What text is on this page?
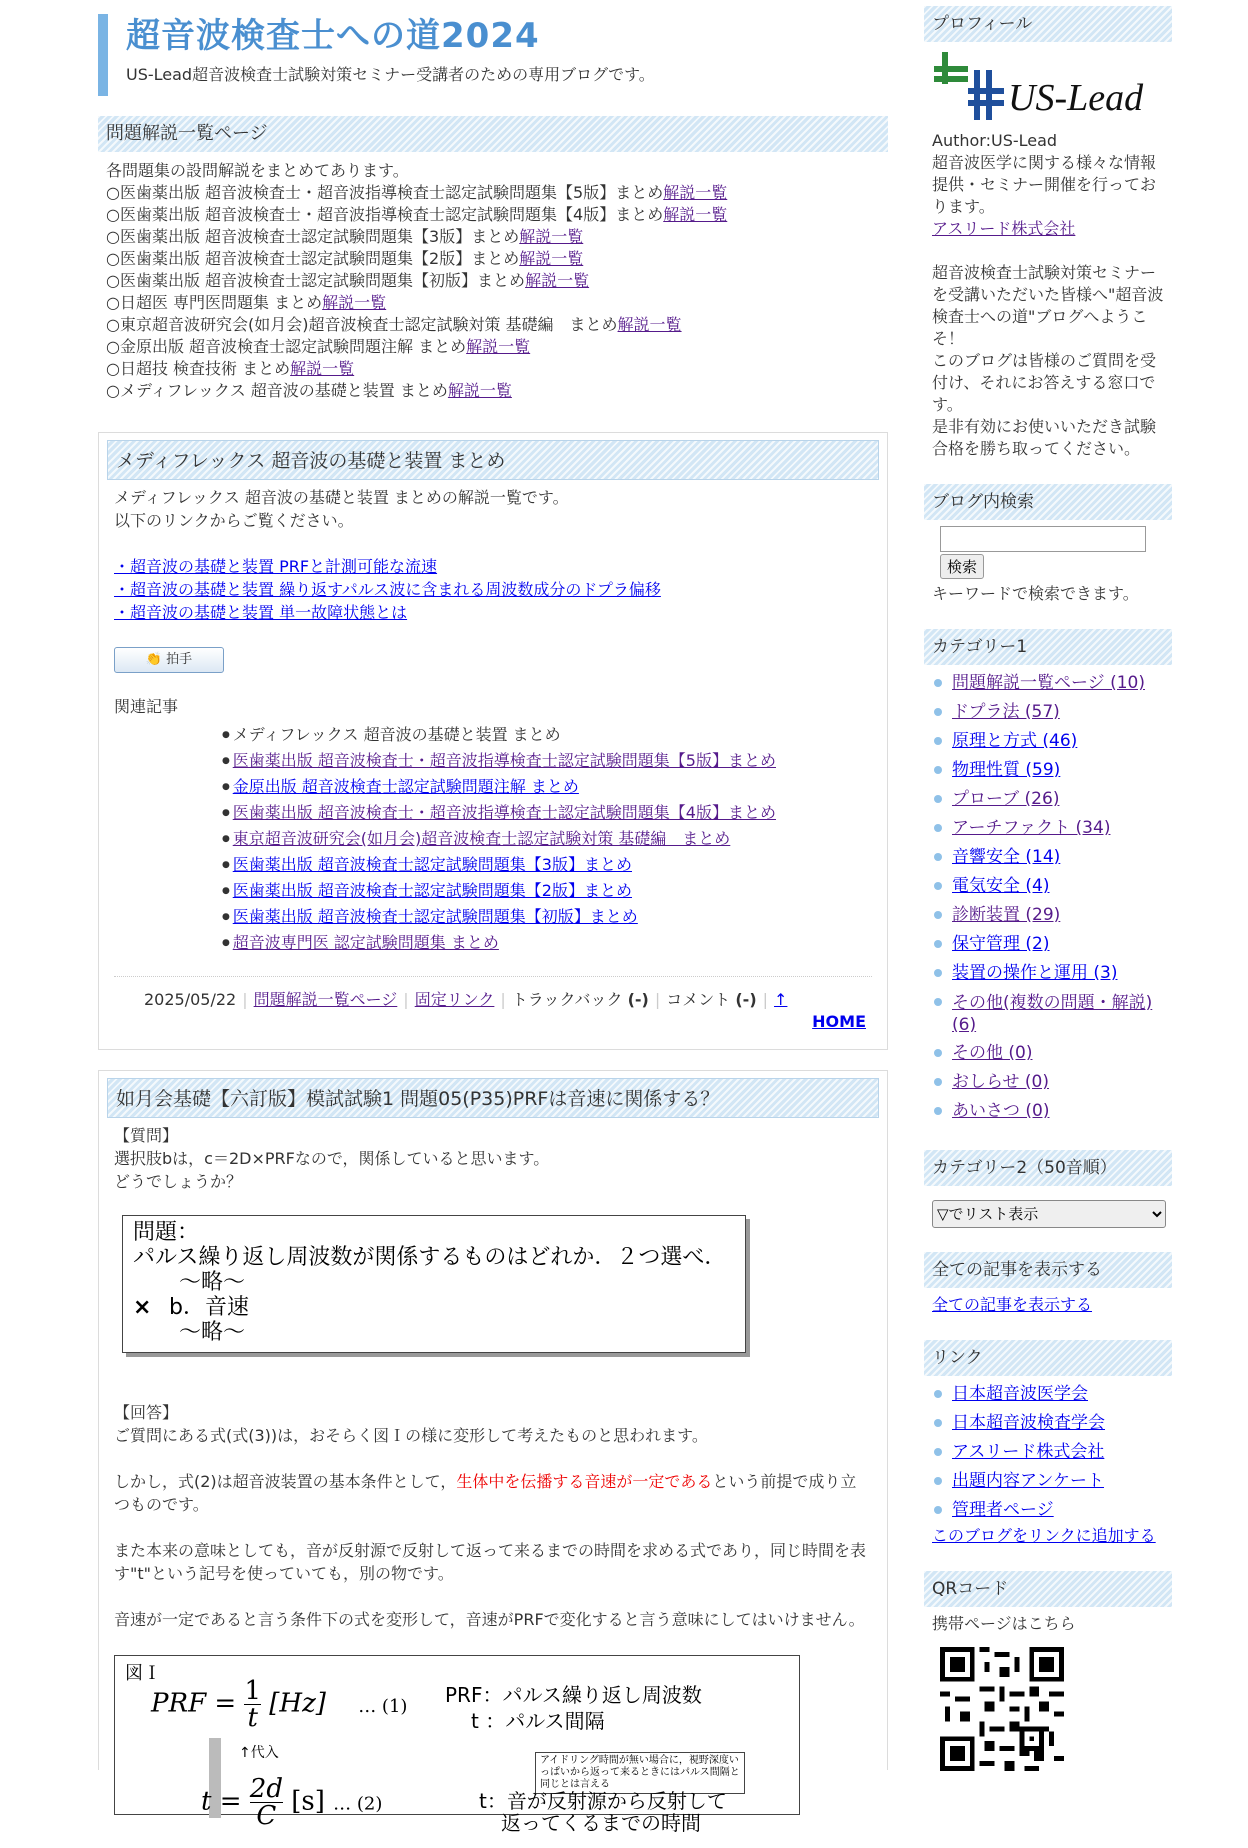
超音波検査士への道2024
US-Lead超音波検査士試験対策セミナー受講者のための専用ブログです。
問題解説一覧ページ
各問題集の設問解説をまとめてあります。
○医歯薬出版 超音波検査士・超音波指導検査士認定試験問題集【5版】まとめ解説一覧
○医歯薬出版 超音波検査士・超音波指導検査士認定試験問題集【4版】まとめ解説一覧
○医歯薬出版 超音波検査士認定試験問題集【3版】まとめ解説一覧
○医歯薬出版 超音波検査士認定試験問題集【2版】まとめ解説一覧
○医歯薬出版 超音波検査士認定試験問題集【初版】まとめ解説一覧
○日超医 専門医問題集 まとめ解説一覧
○東京超音波研究会(如月会)超音波検査士認定試験対策 基礎編　まとめ解説一覧
○金原出版 超音波検査士認定試験問題注解 まとめ解説一覧
○日超技 検査技術 まとめ解説一覧
○メディフレックス 超音波の基礎と装置 まとめ解説一覧
メディフレックス 超音波の基礎と装置 まとめ

メディフレックス 超音波の基礎と装置 まとめの解説一覧です。

以下のリンクからご覧ください。

・超音波の基礎と装置 PRFと計測可能な流速

・超音波の基礎と装置 繰り返すパルス波に含まれる周波数成分のドプラ偏移

・超音波の基礎と装置 単一故障状態とは

👏 拍手
関連記事
● メディフレックス 超音波の基礎と装置 まとめ
● 医歯薬出版 超音波検査士・超音波指導検査士認定試験問題集【5版】まとめ
● 金原出版 超音波検査士認定試験問題注解 まとめ
● 医歯薬出版 超音波検査士・超音波指導検査士認定試験問題集【4版】まとめ
● 東京超音波研究会(如月会)超音波検査士認定試験対策 基礎編　まとめ
● 医歯薬出版 超音波検査士認定試験問題集【3版】まとめ
● 医歯薬出版 超音波検査士認定試験問題集【2版】まとめ
● 医歯薬出版 超音波検査士認定試験問題集【初版】まとめ
● 超音波専門医 認定試験問題集 まとめ
2025/05/22 | 問題解説一覧ページ | 固定リンク | トラックバック (-) | コメント (-) | ↑
HOME
如月会基礎【六訂版】模試試験1 問題05(P35)PRFは音速に関係する？

【質問】

選択肢bは，c＝2D×PRFなので，関係していると思います。

どうでしょうか？

問題：
パルス繰り返し周波数が関係するものはどれか．２つ選べ．
〜略〜
× b．音速
〜略〜

【回答】

ご質問にある式(式(3))は，おそらく図Ｉの様に変形して考えたものと思われます。

しかし，式(2)は超音波装置の基本条件として，生体中を伝播する音速が一定であるという前提で成り立つものです。

また本来の意味としても，音が反射源で反射して返って来るまでの時間を求める式であり，同じ時間を表す"t"という記号を使っていても，別の物です。

音速が一定であると言う条件下の式を変形して，音速がPRFで変化すると言う意味にしてはいけません。

図Ｉ
PRF = $\frac{1}{t} [Hz]$ … (1) PRF：パルス繰り返し周波数
t ：パルス間隔
↑代入
$t = \frac{2d}{C} [s]$ … (2)
アイドリング時間が無い場合に，視野深度いっぱいから返って来るときにはパルス間隔と同じとは言える
t：音が反射源から反射して
返ってくるまでの時間
プロフィール
US-Lead
Author:US-Lead
超音波医学に関する様々な情報提供・セミナー開催を行っております。
アスリード株式会社
超音波検査士試験対策セミナーを受講いただいた皆様へ"超音波検査士への道"ブログへようこそ！
このブログは皆様のご質問を受付け、それにお答えする窓口です。
是非有効にお使いいただき試験合格を勝ち取ってください。
ブログ内検索
検索
キーワードで検索できます。
カテゴリー1
問題解説一覧ページ (10)
ドプラ法 (57)
原理と方式 (46)
物理性質 (59)
プローブ (26)
アーチファクト (34)
音響安全 (14)
電気安全 (4)
診断装置 (29)
保守管理 (2)
装置の操作と運用 (3)
その他(複数の問題・解説) (6)
その他 (0)
おしらせ (0)
あいさつ (0)
カテゴリー2（50音順）
▽でリスト表示
全ての記事を表示する
全ての記事を表示する
リンク
日本超音波医学会
日本超音波検査学会
アスリード株式会社
出題内容アンケート
管理者ページ
このブログをリンクに追加する
QRコード
携帯ページはこちら
